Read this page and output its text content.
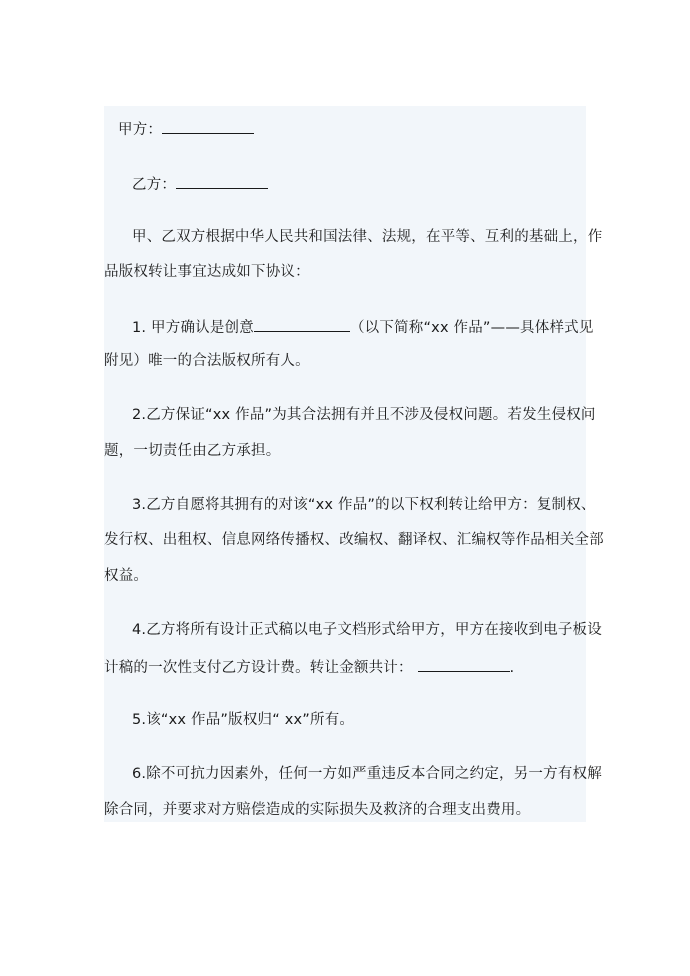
甲方：
乙方：
甲、乙双方根据中华人民共和国法律、法规，在平等、互利的基础上，作
品版权转让事宜达成如下协议：
1. 甲方确认是创意	（以下简称“xx 作品”——具体样式见
附见）唯一的合法版权所有人。
2.乙方保证“xx 作品”为其合法拥有并且不涉及侵权问题。若发生侵权问
题，一切责任由乙方承担。
3.乙方自愿将其拥有的对该“xx 作品”的以下权利转让给甲方：复制权、
发行权、出租权、信息网络传播权、改编权、翻译权、汇编权等作品相关全部
权益。
4.乙方将所有设计正式稿以电子文档形式给甲方，甲方在接收到电子板设
计稿的一次性支付乙方设计费。转让金额共计：	.
5.该“xx 作品”版权归“ xx”所有。
6.除不可抗力因素外，任何一方如严重违反本合同之约定，另一方有权解
除合同，并要求对方赔偿造成的实际损失及救济的合理支出费用。
